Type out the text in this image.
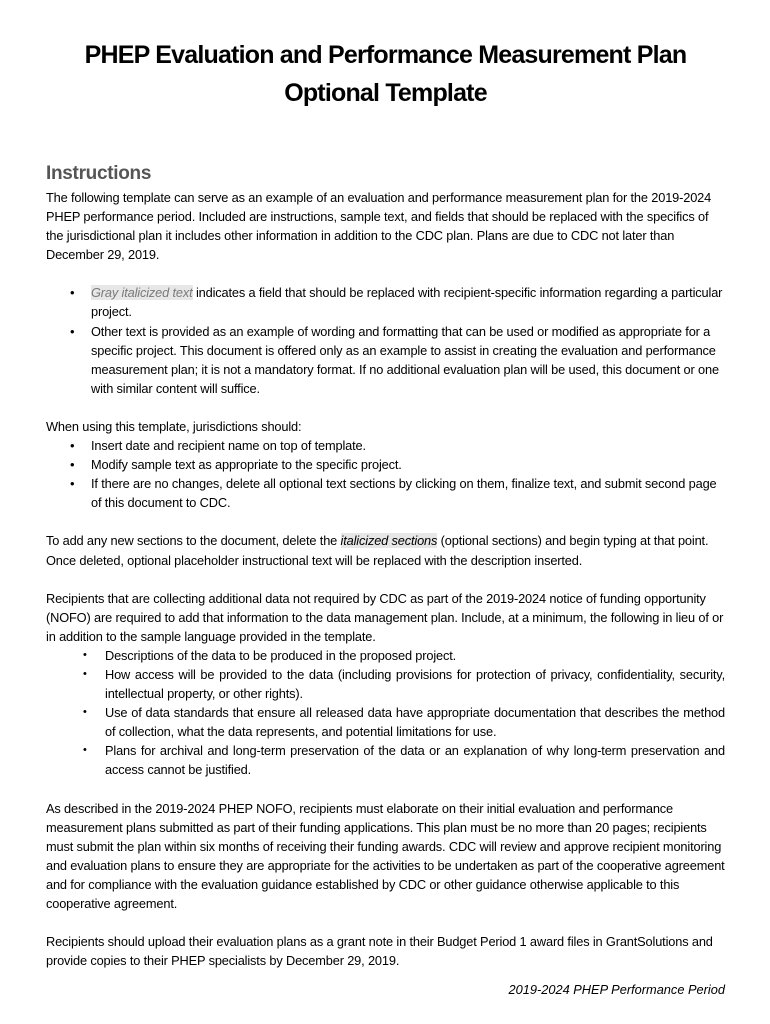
PHEP Evaluation and Performance Measurement Plan
Optional Template
Instructions

The following template can serve as an example of an evaluation and performance measurement plan for the 2019-2024 PHEP performance period. Included are instructions, sample text, and fields that should be replaced with the specifics of the jurisdictional plan it includes other information in addition to the CDC plan. Plans are due to CDC not later than December 29, 2019.

• Gray italicized text indicates a field that should be replaced with recipient-specific information regarding a particular project.
• Other text is provided as an example of wording and formatting that can be used or modified as appropriate for a specific project. This document is offered only as an example to assist in creating the evaluation and performance measurement plan; it is not a mandatory format. If no additional evaluation plan will be used, this document or one with similar content will suffice.

When using this template, jurisdictions should:

• Insert date and recipient name on top of template.
• Modify sample text as appropriate to the specific project.
• If there are no changes, delete all optional text sections by clicking on them, finalize text, and submit second page of this document to CDC.

To add any new sections to the document, delete the italicized sections (optional sections) and begin typing at that point. Once deleted, optional placeholder instructional text will be replaced with the description inserted.

Recipients that are collecting additional data not required by CDC as part of the 2019-2024 notice of funding opportunity (NOFO) are required to add that information to the data management plan. Include, at a minimum, the following in lieu of or in addition to the sample language provided in the template.

• Descriptions of the data to be produced in the proposed project.
• How access will be provided to the data (including provisions for protection of privacy, confidentiality, security, intellectual property, or other rights).
• Use of data standards that ensure all released data have appropriate documentation that describes the method of collection, what the data represents, and potential limitations for use.
• Plans for archival and long-term preservation of the data or an explanation of why long-term preservation and access cannot be justified.

As described in the 2019-2024 PHEP NOFO, recipients must elaborate on their initial evaluation and performance measurement plans submitted as part of their funding applications. This plan must be no more than 20 pages; recipients must submit the plan within six months of receiving their funding awards. CDC will review and approve recipient monitoring and evaluation plans to ensure they are appropriate for the activities to be undertaken as part of the cooperative agreement and for compliance with the evaluation guidance established by CDC or other guidance otherwise applicable to this cooperative agreement.

Recipients should upload their evaluation plans as a grant note in their Budget Period 1 award files in GrantSolutions and provide copies to their PHEP specialists by December 29, 2019.

2019-2024 PHEP Performance Period
